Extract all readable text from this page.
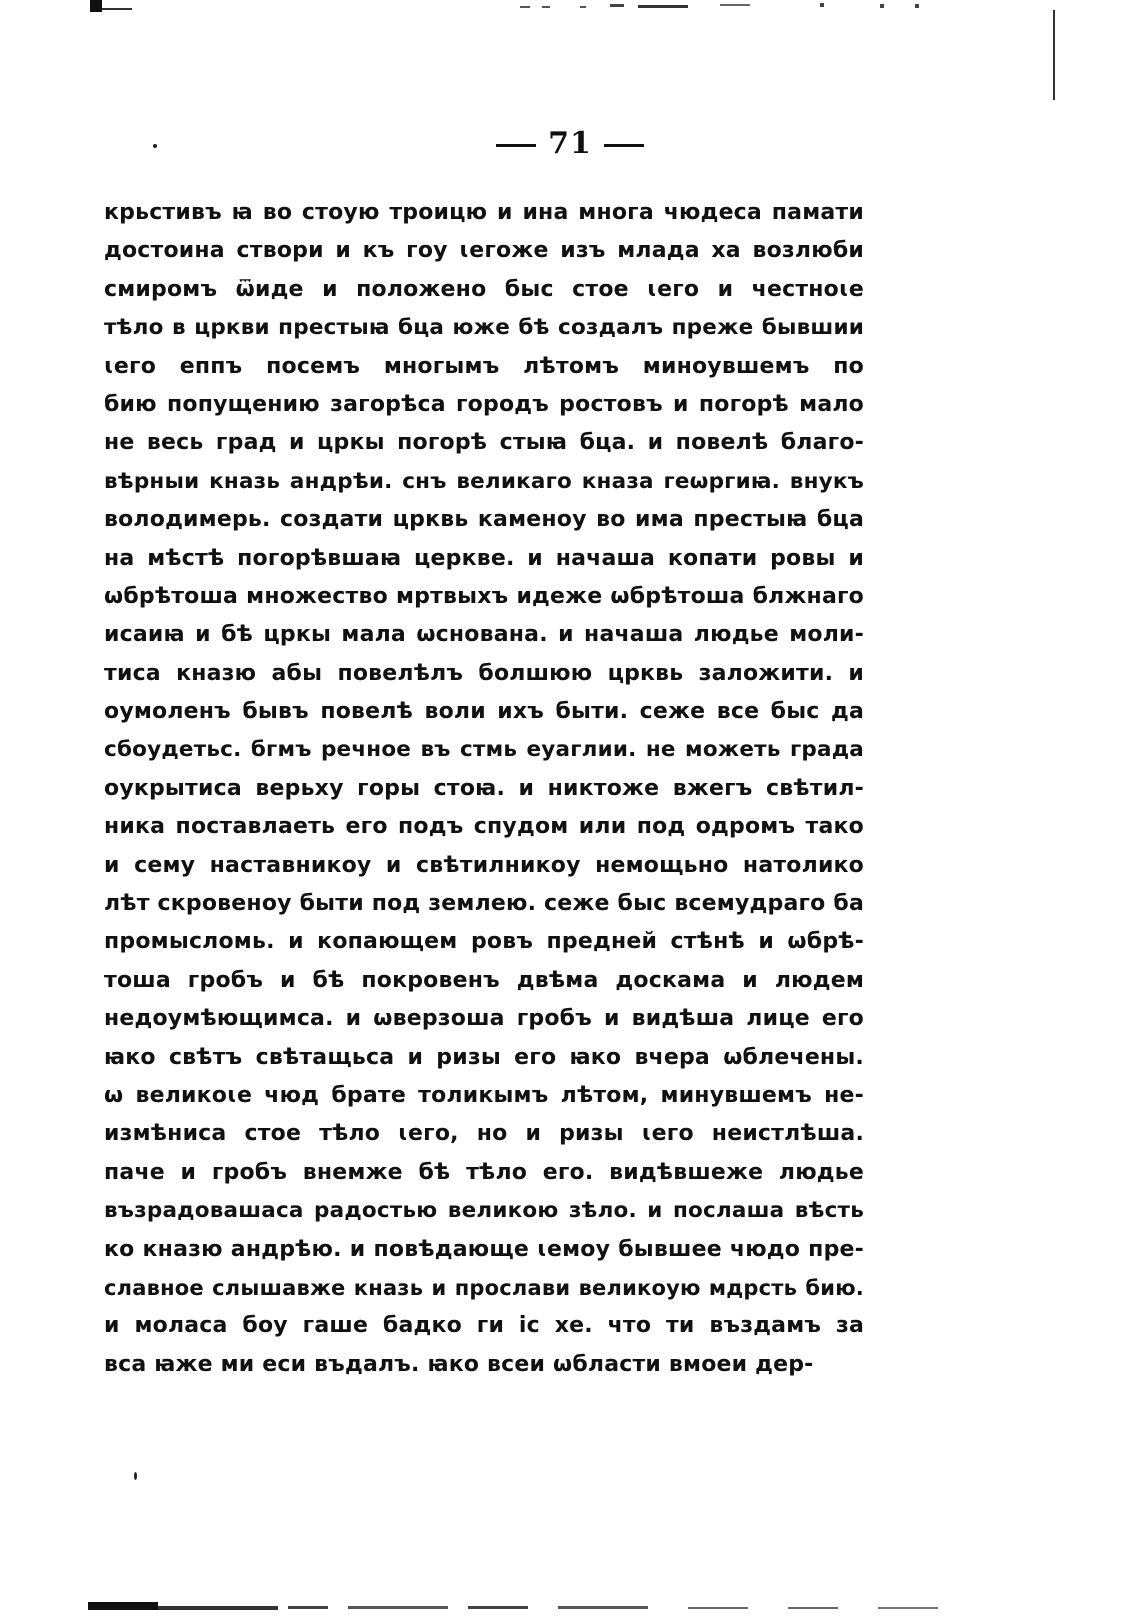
71
крьстивъ ꙗ во стоую троицю и ина многа чюдеса памати
достоина створи и къ гоу ꙇегоже изъ млада ха возлюби
смиромъ ѿиде и положено быс стое ꙇего и честноꙇе
тѣло в цркви престыꙗ бца юже бѣ создалъ преже бывшии
ꙇего еппъ посемъ многымъ лѣтомъ миноувшемъ по
бию попущению загорѣса городъ ростовъ и погорѣ мало
не весь град и цркы погорѣ стыꙗ бца. и повелѣ благо-
вѣрныи кназь андрѣи. снъ великаго кназа геѡргиꙗ. внукъ
володимерь. создати црквь каменоу во има престыꙗ бца
на мѣстѣ погорѣвшаꙗ церкве. и начаша копати ровы и
ѡбрѣтоша множество мртвыхъ идеже ѡбрѣтоша блжнаго
исаиꙗ и бѣ цркы мала ѡснована. и начаша людье моли-
тиса кназю абы повелѣлъ болшюю црквь заложити. и
оумоленъ бывъ повелѣ воли ихъ быти. сеже все быс да
сбоудетьс. бгмъ речное въ стмь еуаглии. не можеть града
оукрытиса верьху горы стоꙗ. и никтоже вжегъ свѣтил-
ника поставлаеть его подъ спудом или под одромъ тако
и сему наставникоу и свѣтилникоу немощьно натолико
лѣт скровеноу быти под землею. сеже быс всемудраго ба
промысломь. и копающем ровъ предней стѣнѣ и ѡбрѣ-
тоша гробъ и бѣ покровенъ двѣма доскама и людем
недоумѣющимса. и ѡверзоша гробъ и видѣша лице его
ꙗко свѣтъ свѣтащьса и ризы его ꙗко вчера ѡблечены.
ѡ великоꙇе чюд брате толикымъ лѣтом, минувшемъ не-
измѣниса стое тѣло ꙇего, но и ризы ꙇего неистлѣша.
паче и гробъ внемже бѣ тѣло его. видѣвшеже людье
възрадовашаса радостью великою зѣло. и послаша вѣсть
ко кназю андрѣю. и повѣдающе ꙇемоу бывшее чюдо пре-
славное слышавже кназь и прослави великоую мдрсть бию.
и моласа боу гаше бадко ги ic хе. что ти въздамъ за
вса ꙗже ми еси въдалъ. ꙗко всеи ѡбласти вмоеи дер-
